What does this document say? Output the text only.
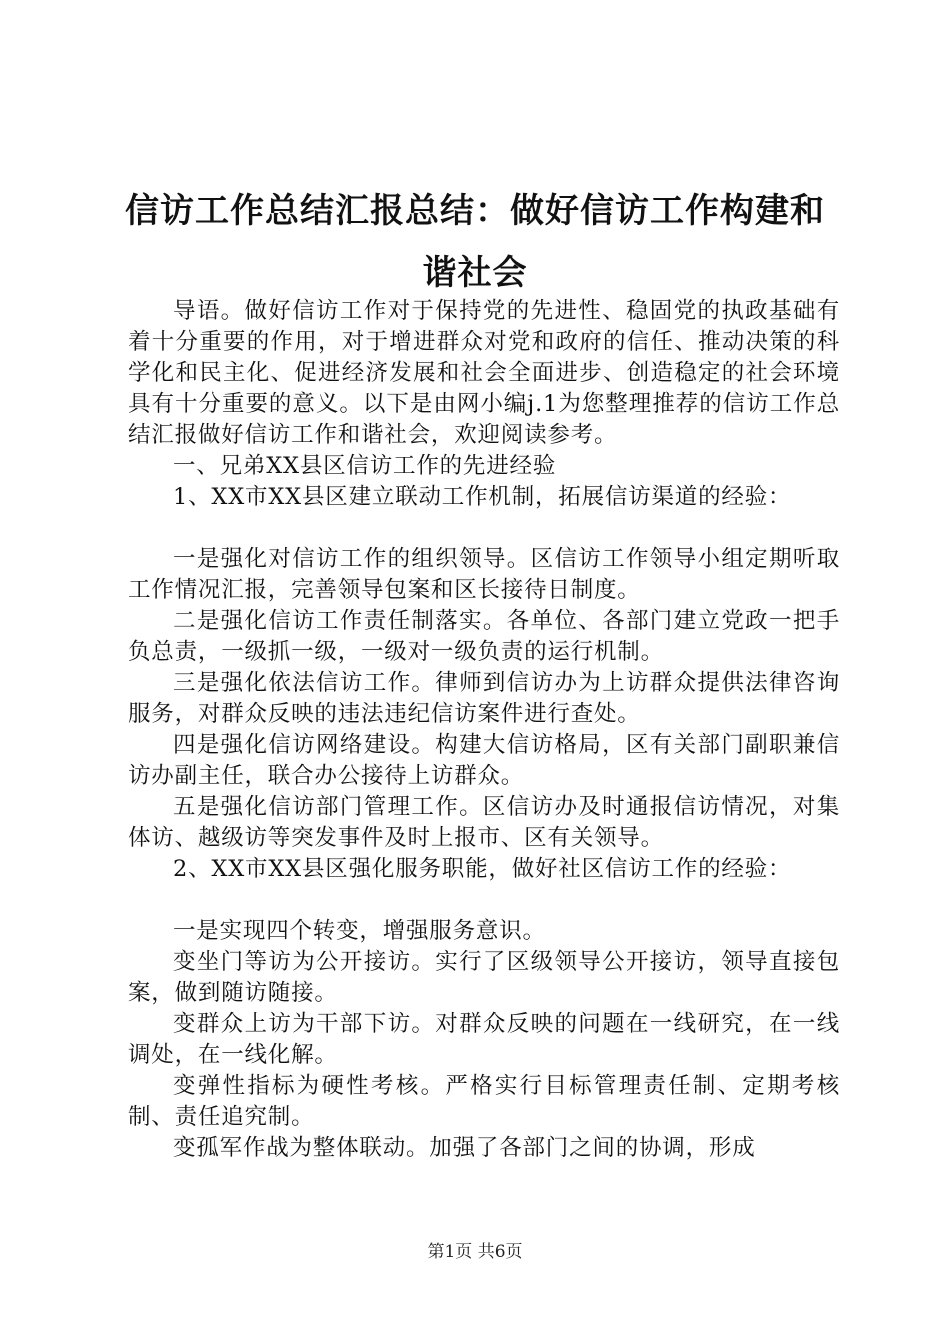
信访工作总结汇报总结：做好信访工作构建和谐社会

导语。做好信访工作对于保持党的先进性、稳固党的执政基础有着十分重要的作用，对于增进群众对党和政府的信任、推动决策的科学化和民主化、促进经济发展和社会全面进步、创造稳定的社会环境具有十分重要的意义。以下是由网小编j.1为您整理推荐的信访工作总结汇报做好信访工作和谐社会，欢迎阅读参考。

一、兄弟XX县区信访工作的先进经验

1、XX市XX县区建立联动工作机制，拓展信访渠道的经验：

一是强化对信访工作的组织领导。区信访工作领导小组定期听取工作情况汇报，完善领导包案和区长接待日制度。

二是强化信访工作责任制落实。各单位、各部门建立党政一把手负总责，一级抓一级，一级对一级负责的运行机制。

三是强化依法信访工作。律师到信访办为上访群众提供法律咨询服务，对群众反映的违法违纪信访案件进行查处。

四是强化信访网络建设。构建大信访格局，区有关部门副职兼信访办副主任，联合办公接待上访群众。

五是强化信访部门管理工作。区信访办及时通报信访情况，对集体访、越级访等突发事件及时上报市、区有关领导。

2、XX市XX县区强化服务职能，做好社区信访工作的经验：

一是实现四个转变，增强服务意识。

变坐门等访为公开接访。实行了区级领导公开接访，领导直接包案，做到随访随接。

变群众上访为干部下访。对群众反映的问题在一线研究，在一线调处，在一线化解。

变弹性指标为硬性考核。严格实行目标管理责任制、定期考核制、责任追究制。

变孤军作战为整体联动。加强了各部门之间的协调，形成

第1页 共6页
